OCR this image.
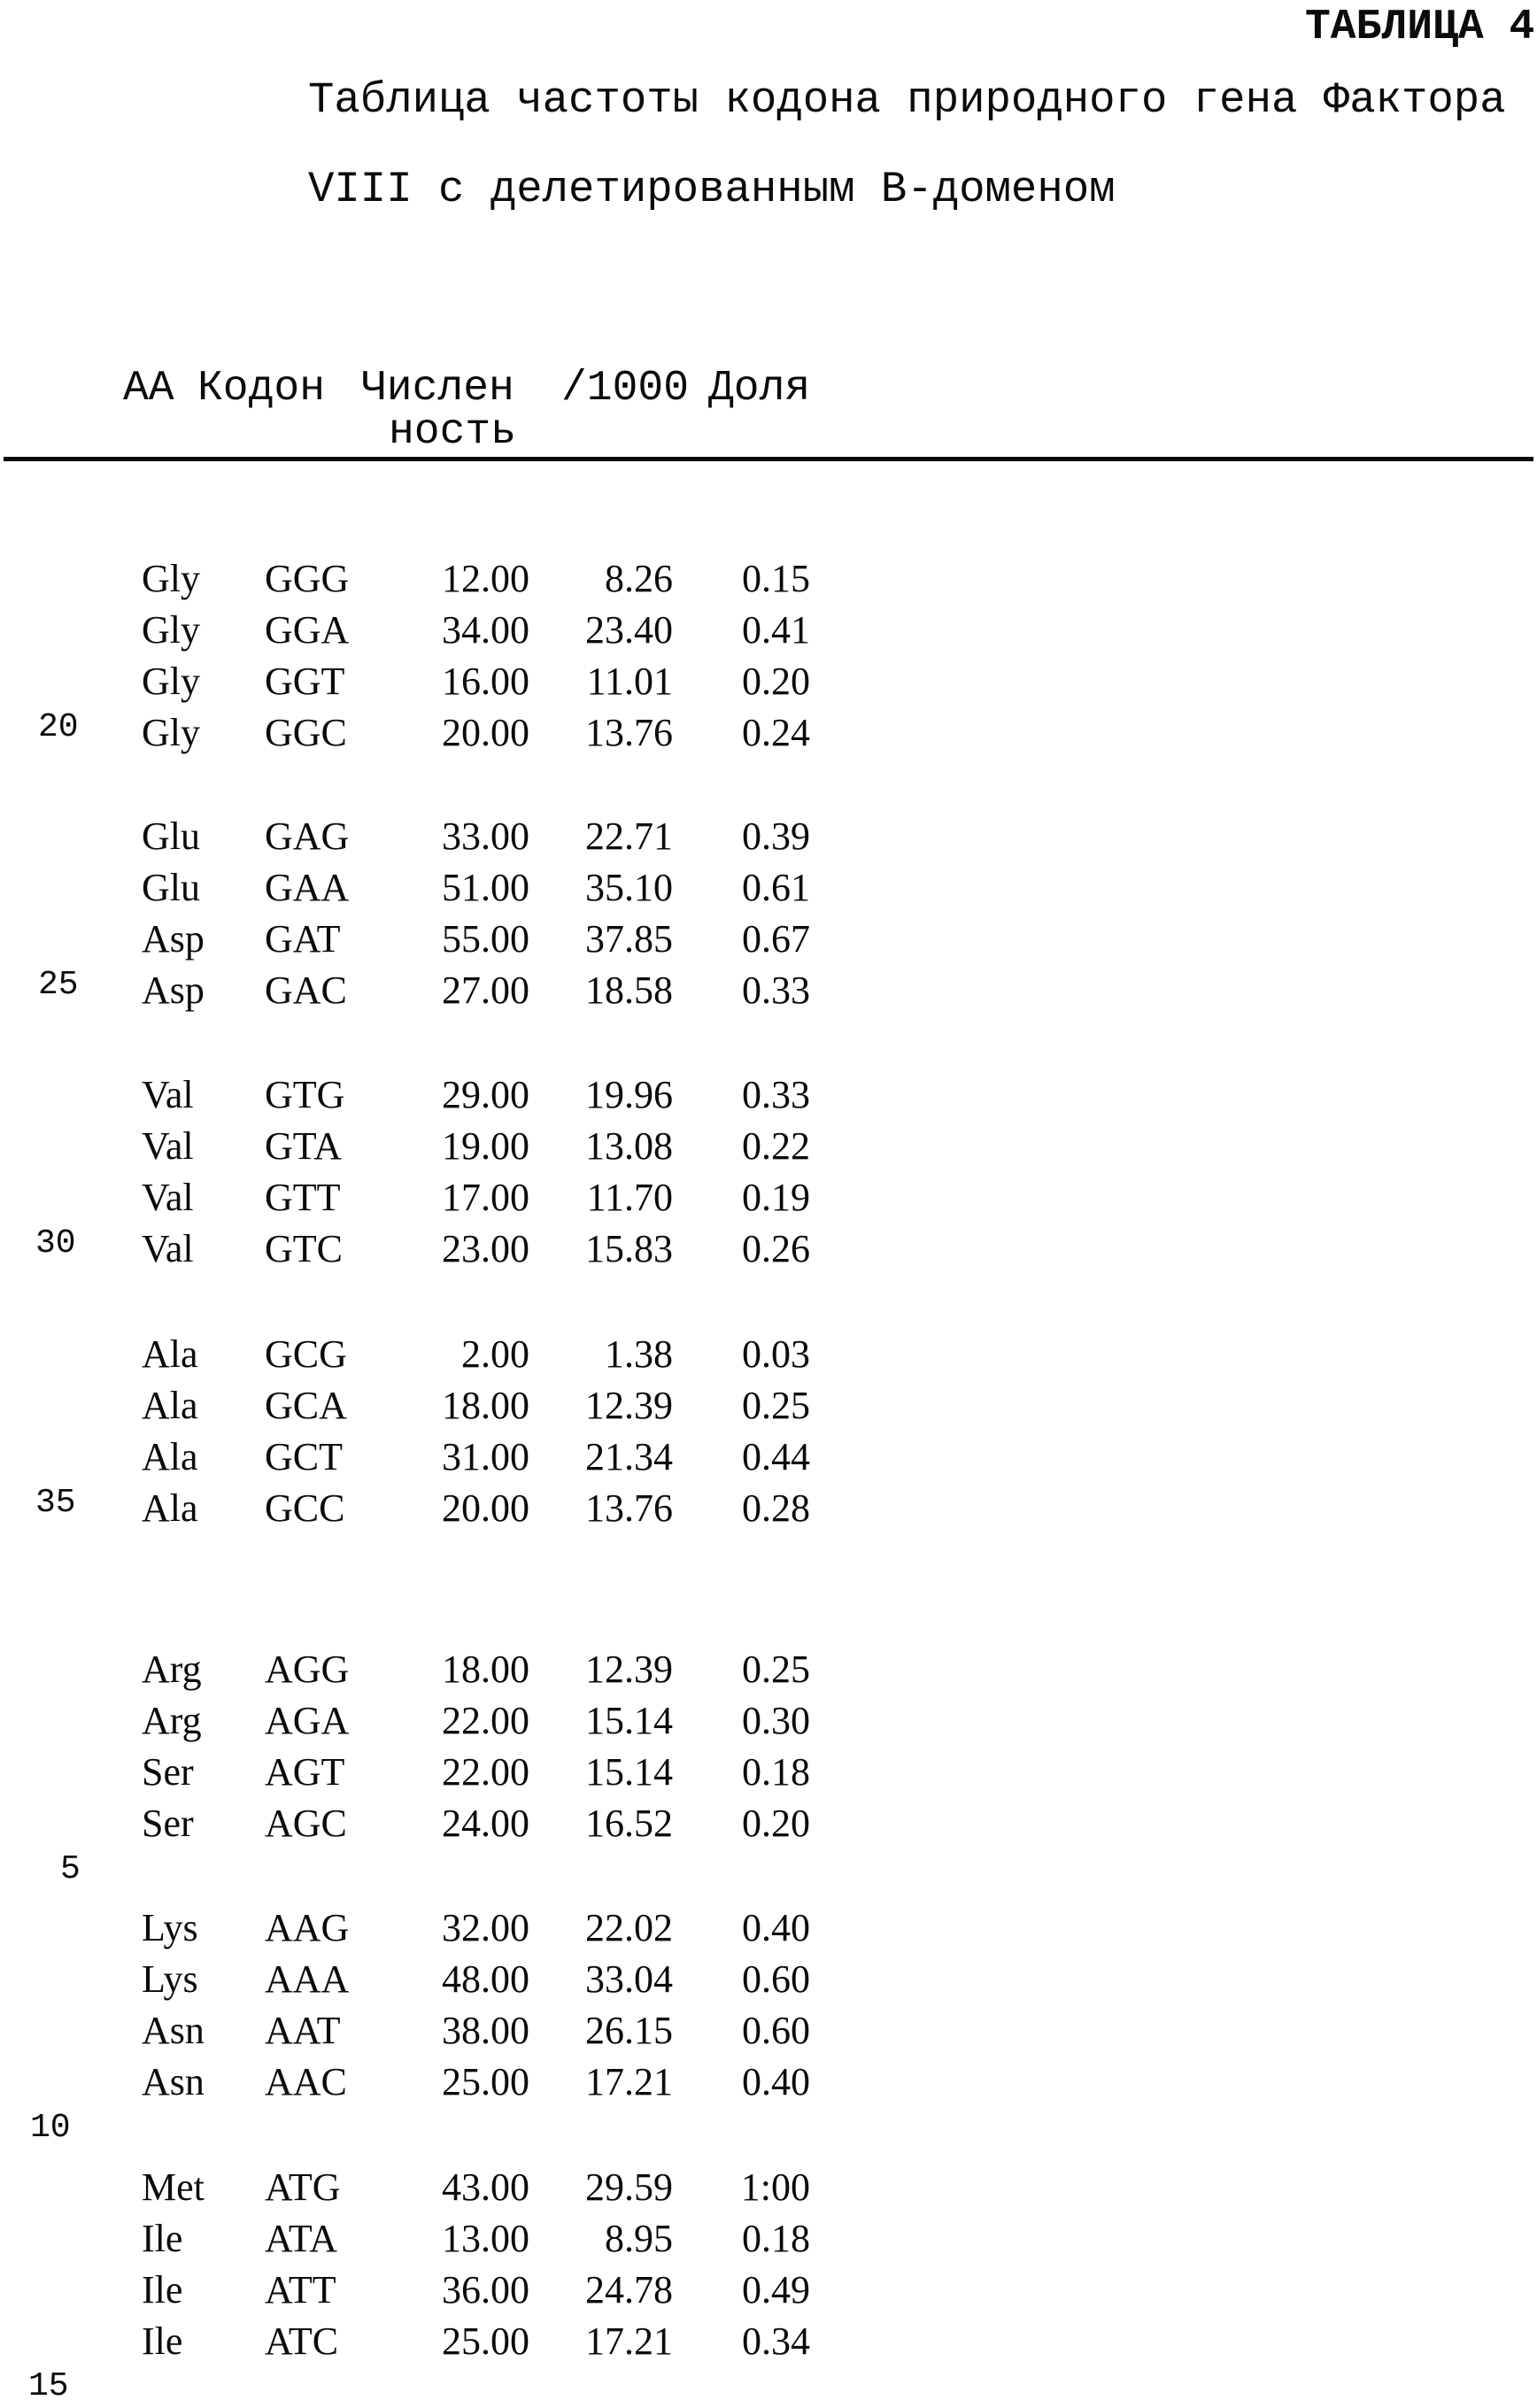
ТАБЛИЦА 4
Таблица частоты кодона природного гена Фактора
VIII с делетированным В-доменом
АА Кодон Числен /1000 Доля
ность
Gly	GGG	12.00	8.26	0.15
Gly	GGA	34.00	23.40	0.41
Gly	GGT	16.00	11.01	0.20
Gly	GGC	20.00	13.76	0.24
Glu	GAG	33.00	22.71	0.39
Glu	GAA	51.00	35.10	0.61
Asp	GAT	55.00	37.85	0.67
Asp	GAC	27.00	18.58	0.33
Val	GTG	29.00	19.96	0.33
Val	GTA	19.00	13.08	0.22
Val	GTT	17.00	11.70	0.19
Val	GTC	23.00	15.83	0.26
Ala	GCG	2.00	1.38	0.03
Ala	GCA	18.00	12.39	0.25
Ala	GCT	31.00	21.34	0.44
Ala	GCC	20.00	13.76	0.28
Arg	AGG	18.00	12.39	0.25
Arg	AGA	22.00	15.14	0.30
Ser	AGT	22.00	15.14	0.18
Ser	AGC	24.00	16.52	0.20
Lys	AAG	32.00	22.02	0.40
Lys	AAA	48.00	33.04	0.60
Asn	AAT	38.00	26.15	0.60
Asn	AAC	25.00	17.21	0.40
Met	ATG	43.00	29.59	1:00
Ile	ATA	13.00	8.95	0.18
Ile	ATT	36.00	24.78	0.49
Ile	ATC	25.00	17.21	0.34
20
25
30
35
5
10
15
